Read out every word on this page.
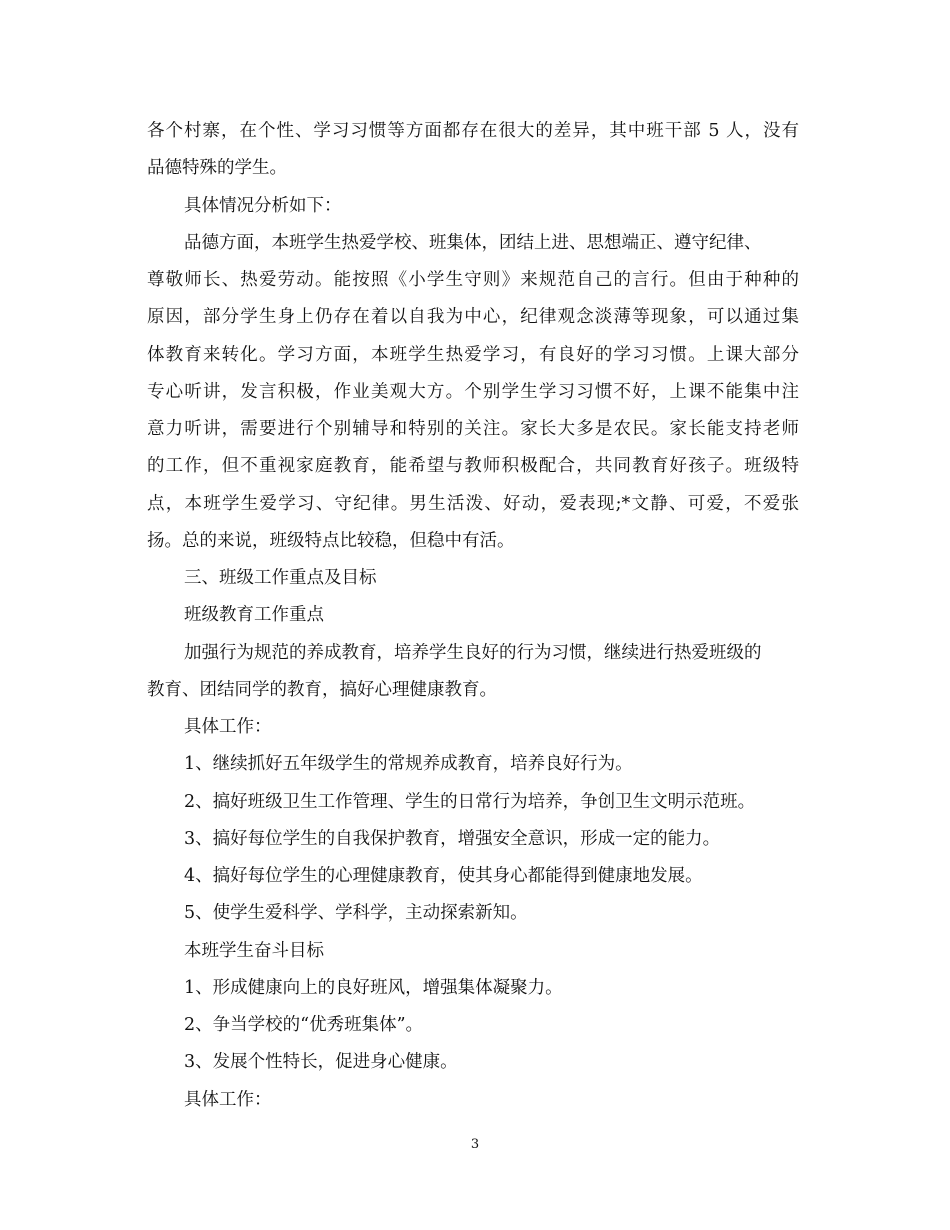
各个村寨，在个性、学习习惯等方面都存在很大的差异，其中班干部 5 人，没有

品德特殊的学生。

具体情况分析如下：

品德方面，本班学生热爱学校、班集体，团结上进、思想端正、遵守纪律、

尊敬师长、热爱劳动。能按照《小学生守则》来规范自己的言行。但由于种种的

原因，部分学生身上仍存在着以自我为中心，纪律观念淡薄等现象，可以通过集

体教育来转化。学习方面，本班学生热爱学习，有良好的学习习惯。上课大部分

专心听讲，发言积极，作业美观大方。个别学生学习习惯不好，上课不能集中注

意力听讲，需要进行个别辅导和特别的关注。家长大多是农民。家长能支持老师

的工作，但不重视家庭教育，能希望与教师积极配合，共同教育好孩子。班级特

点，本班学生爱学习、守纪律。男生活泼、好动，爱表现;*文静、可爱，不爱张

扬。总的来说，班级特点比较稳，但稳中有活。

三、班级工作重点及目标

班级教育工作重点

加强行为规范的养成教育，培养学生良好的行为习惯，继续进行热爱班级的

教育、团结同学的教育，搞好心理健康教育。

具体工作：

1、继续抓好五年级学生的常规养成教育，培养良好行为。

2、搞好班级卫生工作管理、学生的日常行为培养，争创卫生文明示范班。

3、搞好每位学生的自我保护教育，增强安全意识，形成一定的能力。

4、搞好每位学生的心理健康教育，使其身心都能得到健康地发展。

5、使学生爱科学、学科学，主动探索新知。

本班学生奋斗目标

1、形成健康向上的良好班风，增强集体凝聚力。

2、争当学校的“优秀班集体”。

3、发展个性特长，促进身心健康。

具体工作：

3
